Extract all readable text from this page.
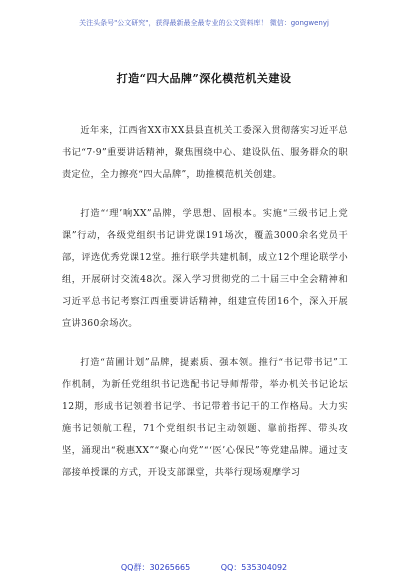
关注头条号"公文研究"，获得最新最全最专业的公文资料库！ 微信：gongwenyj
打造“四大品牌”深化模范机关建设

近年来，江西省XX市XX县县直机关工委深入贯彻落实习近平总书记“7·9”重要讲话精神，聚焦围绕中心、建设队伍、服务群众的职责定位，全力擦亮“四大品牌”，助推模范机关创建。

打造“‘理’响XX”品牌，学思想、固根本。实施“三级书记上党课”行动，各级党组织书记讲党课191场次，覆盖3000余名党员干部，评选优秀党课12堂。推行联学共建机制，成立12个理论联学小组，开展研讨交流48次。深入学习贯彻党的二十届三中全会精神和习近平总书记考察江西重要讲话精神，组建宣传团16个，深入开展宣讲360余场次。

打造“苗圃计划”品牌，提素质、强本领。推行“书记带书记”工作机制，为新任党组织书记选配书记导师帮带，举办机关书记论坛12期，形成书记领着书记学、书记带着书记干的工作格局。大力实施书记领航工程，71个党组织书记主动领题、靠前指挥、带头攻坚，涌现出“税惠XX”“聚心向党”“‘医’心保民”等党建品牌。通过支部接单授课的方式，开设支部课堂，共举行现场观摩学习

QQ群：30265665	QQ：535304092
